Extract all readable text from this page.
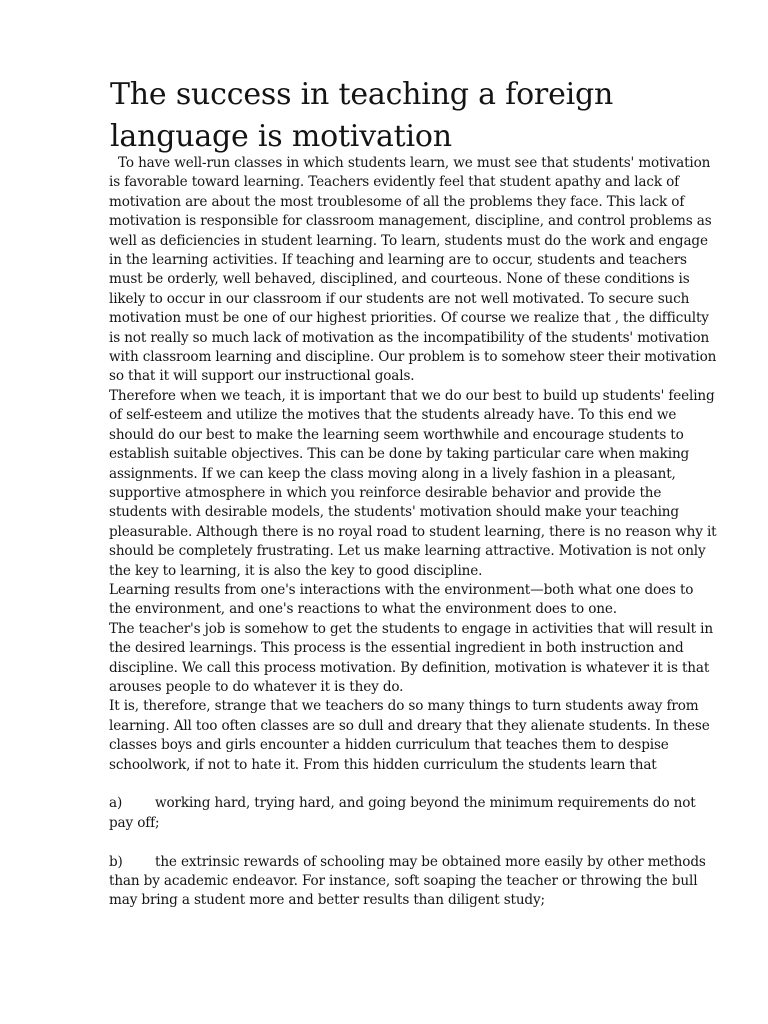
The success in teaching a foreign language is motivation

To have well-run classes in which students learn, we must see that students' motivation is favorable toward learning. Teachers evidently feel that student apathy and lack of motivation are about the most troublesome of all the problems they face. This lack of motivation is responsible for classroom management, discipline, and control problems as well as deficiencies in student learning. To learn, students must do the work and engage in the learning activities. If teaching and learning are to occur, students and teachers must be orderly, well behaved, disciplined, and courteous. None of these conditions is likely to occur in our classroom if our students are not well motivated. To secure such motivation must be one of our highest priorities. Of course we realize that , the difficulty is not really so much lack of motivation as the incompatibility of the students' motivation with classroom learning and discipline. Our problem is to somehow steer their motivation so that it will support our instructional goals.

Therefore when we teach, it is important that we do our best to build up students' feeling of self-esteem and utilize the motives that the students already have. To this end we should do our best to make the learning seem worthwhile and encourage students to establish suitable objectives. This can be done by taking particular care when making assignments. If we can keep the class moving along in a lively fashion in a pleasant, supportive atmosphere in which you reinforce desirable behavior and provide the students with desirable models, the students' motivation should make your teaching pleasurable. Although there is no royal road to student learning, there is no reason why it should be completely frustrating. Let us make learning attractive. Motivation is not only the key to learning, it is also the key to good discipline.

Learning results from one's interactions with the environment—both what one does to the environment, and one's reactions to what the environment does to one.

The teacher's job is somehow to get the students to engage in activities that will result in the desired learnings. This process is the essential ingredient in both instruction and discipline. We call this process motivation. By definition, motivation is whatever it is that arouses people to do whatever it is they do.

It is, therefore, strange that we teachers do so many things to turn students away from learning. All too often classes are so dull and dreary that they alienate students. In these classes boys and girls encounter a hidden curriculum that teaches them to despise schoolwork, if not to hate it. From this hidden curriculum the students learn that

a) working hard, trying hard, and going beyond the minimum requirements do not pay off;

b) the extrinsic rewards of schooling may be obtained more easily by other methods than by academic endeavor. For instance, soft soaping the teacher or throwing the bull may bring a student more and better results than diligent study;
